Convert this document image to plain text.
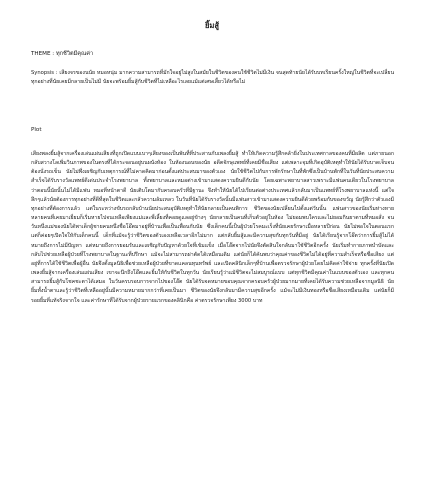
ยิ้มสู้
THEME : ทุกชีวิตมีคุณค่า

Synopsis : เสียงจรของนนัย หมอหนุ่ม มากความสามารถที่มักใจอยู่ไม่สูงในสมัยในชีวิตของคนใช้ชีวิตไม่มีเงิน จนสุดท้ายนัยได้รับบทเรียนครั้งใหญ่ในชีวิตที่จะเปลี่ยนทุกอย่างที่นัยเคยมีกลายเป็นไม่มี นัยจะพร้อมยิ้มสู้กับชีวิตที่ไม่เหลือะไรเลยแม้แต่เศษเสี้ยวได้หรือไม่

Plot

เสียงพลงยิ้มสู้จากเครื่องเล่นแผ่นเสียงที่ถูกเปิดแบบเบาๆเสียงของเป็นพ้นที่ที่ประสานกับเพลงยิ้มสู้ ทำให้เกิดความรู้สึกคล้ายิ่งในประเทศกาลของคนที่มีผลิต แต่ภายนอกกลับสวางโลเพิ่มวินภาพของในตรงที่ได้กระจอนอยู่บนผนังห้อง ในห้องนอนของนัย อดีตจักษุแพทย์ที่เคยมีชื่อเสียง แต่เพลาะจุมที่เกิดอุบัติเหตุทำให้นัยได้รับบาดเจ็บจนต้องนั่งรถเข็น นัยไม่พึ่งเผชิญกับเหตุการณ์ที่ไม่คาดคิดมาก่อนตั้งแต่ประสบมาของตัวเอง นัยใช้ชีวิตไปกับการพักรักษาในที่พักซึ่งเป็นบ้านพักที่ในวันที่นัยประสบความสำเร็จได้รับรางวัลแพทย์ดีเด่นประจำโรงพยาบาล ทั้งพยาบาลและหมอต่างเข้ามาแสดงความยินดีกับนัย โดยเฉพาะพยาบาลสาวเพราะมีแฟนคนเดียวในโรงพยาบาล ว่าตอนนี้นัยนั้นไม่ได้มีแฟน หมอที่หน้าตาดี นัยเติบโตมากับครอบครัวที่มีฐานะ จึงทำให้นัยได้ไปเรียนต่อต่างประเทศแล้วกลับมาเป็นแพทย์ที่โรงพยาบาลแห่งนี้ แต่ใจลึกๆแล้วนัยต้องการทุกอย่างที่ดีที่สุดในชีวิตและกลัวความล้มเหลว ในวันที่นัยได้รับรางวัลนั้นมีแฟนสาวเข้ามาแสดงความยินดีด้วยพร้อมกับของขวัญ นัยรู้สึกว่าตัวเองมีทุกอย่างที่ต้องการแล้ว แต่ในระหว่างขับรถกลับบ้านนัยประสบอุบัติเหตุทำให้นัยกลายเป็นคนพิการ ชีวิตของนัยเปลี่ยนไปตั้งแต่วันนั้น แฟนสาวของนัยเริ่มห่างหาย หลายคนที่เคยมาเยี่ยมก็เริ่มหายไปจนเหลือเพียงแม่และพี่เลี้ยงที่คอยดูแลอยู่ข้างๆ นัยกลายเป็นคนที่เก็บตัวอยู่ในห้อง ไม่ยอมพบใครและไม่ยอมกินยาตามที่หมอสั่ง จนวันหนึ่งแม่ของนัยได้พาเด็กผู้ชายคนหนึ่งชื่อโอ๊ตมาอยู่ที่บ้านเพื่อเป็นเพื่อนกับนัย ซึ่งเด็กคนนี้เป็นผู้ป่วยโรคมะเร็งที่นัยเคยรักษาเมื่อหลายปีก่อน นัยไม่พอใจในตอนแรกแต่ก็ค่อยๆเปิดใจให้กับเด็กคนนี้ เด็กที่แม้จะรู้ว่าชีวิตของตัวเองเหลือเวลาอีกไม่มาก แต่กลับยิ้มสู้และมีความสุขกับทุกวันที่มีอยู่ นัยได้เรียนรู้จากโอ๊ตว่าการยิ้มสู้ไม่ได้หมายถึงการไม่มีปัญหา แต่หมายถึงการยอมรับและเผชิญกับปัญหาด้วยใจที่เข้มแข็ง เมื่อโอ๊ตจากไปนัยจึงตัดสินใจกลับมาใช้ชีวิตอีกครั้ง นัยเริ่มทำกายภาพบำบัดและกลับไปช่วยเหลือผู้ป่วยที่โรงพยาบาลในฐานะที่ปรึกษา แม้จะไม่สามารถผ่าตัดได้เหมือนเดิม แต่นัยก็ได้ค้นพบว่าคุณค่าของชีวิตไม่ได้อยู่ที่ความสำเร็จหรือชื่อเสียง แต่อยู่ที่การได้ใช้ชีวิตเพื่อผู้อื่น นัยจึงตั้งมูลนิธิเพื่อช่วยเหลือผู้ป่วยที่ขาดแคลนทุนทรัพย์ และเปิดคลินิกเล็กๆที่บ้านเพื่อตรวจรักษาผู้ป่วยโดยไม่คิดค่าใช้จ่าย ทุกครั้งที่นัยเปิดเพลงยิ้มสู้จากเครื่องเล่นแผ่นเสียง เขาจะนึกถึงโอ๊ตและยิ้มให้กับชีวิตในทุกวัน นัยเรียนรู้ว่าแม้ชีวิตจะไม่สมบูรณ์แบบ แต่ทุกชีวิตมีคุณค่าในแบบของตัวเอง และทุกคนสามารถยิ้มสู้กับโชคชะตาได้เสมอ ในวันครบรอบการจากไปของโอ๊ต นัยได้รับจดหมายขอบคุณจากครอบครัวผู้ป่วยมากมายที่เคยได้รับความช่วยเหลือจากมูลนิธิ นัยยิ้มทั้งน้ำตาและรู้ว่าชีวิตที่เหลืออยู่นั้นมีความหมายมากกว่าที่เคยเป็นมา ชีวิตของนัยจึงกลับมามีความสุขอีกครั้ง แม้จะไม่มีเงินทองหรือชื่อเสียงเหมือนเดิม แต่นัยก็มีรอยยิ้มที่แท้จริงจากใจ และค่ารักษาที่ได้รับจากผู้ป่วยรายแรกของคลินิกคือ ค่าตรวจรักษาเพียง 3000 บาท
